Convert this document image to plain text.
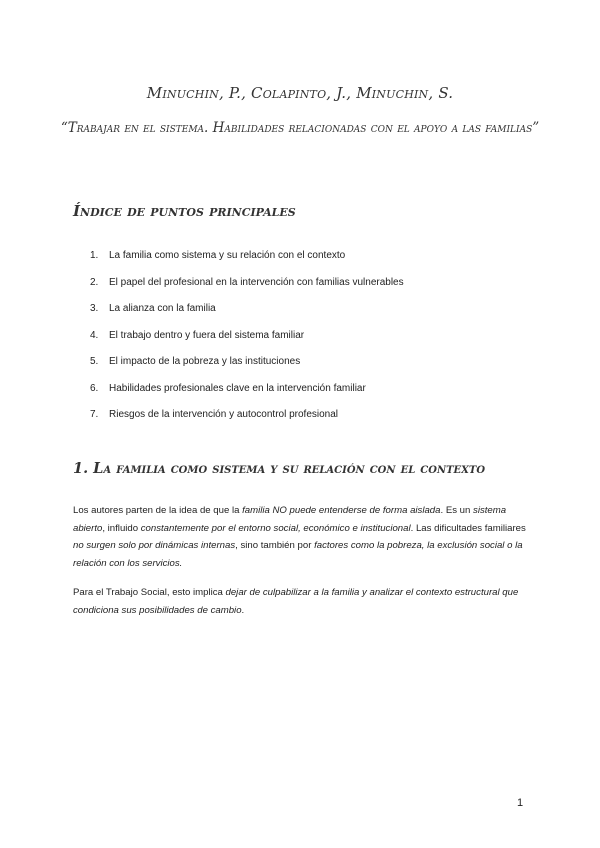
Minuchin, P., Colapinto, J., Minuchin, S.

“Trabajar en el sistema. Habilidades relacionadas con el apoyo a las familias”

Índice de puntos principales
1.	La familia como sistema y su relación con el contexto
2.	El papel del profesional en la intervención con familias vulnerables
3.	La alianza con la familia
4.	El trabajo dentro y fuera del sistema familiar
5.	El impacto de la pobreza y las instituciones
6.	Habilidades profesionales clave en la intervención familiar
7.	Riesgos de la intervención y autocontrol profesional
1. La familia como sistema y su relación con el contexto

Los autores parten de la idea de que la familia NO puede entenderse de forma aislada. Es un sistema abierto, influido constantemente por el entorno social, económico e institucional. Las dificultades familiares no surgen solo por dinámicas internas, sino también por factores como la pobreza, la exclusión social o la relación con los servicios.

Para el Trabajo Social, esto implica dejar de culpabilizar a la familia y analizar el contexto estructural que condiciona sus posibilidades de cambio.

1
